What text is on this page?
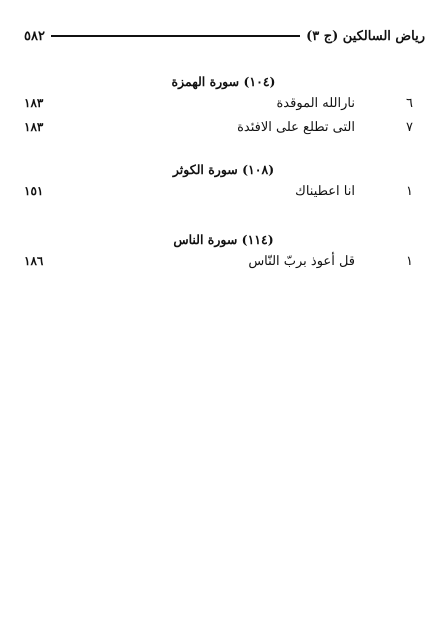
رياض السالكين (ج ٣)
٥٨٢
(١٠٤) سورة الهمزة
٦
نارالله الموقدة
١٨٣
٧
التى تطلع على الافئدة
١٨٣
(١٠٨) سورة الكوثر
١
انا اعطيناك
١٥١
(١١٤) سورة الناس
١
قل أعوذ بربّ النّاس
١٨٦
